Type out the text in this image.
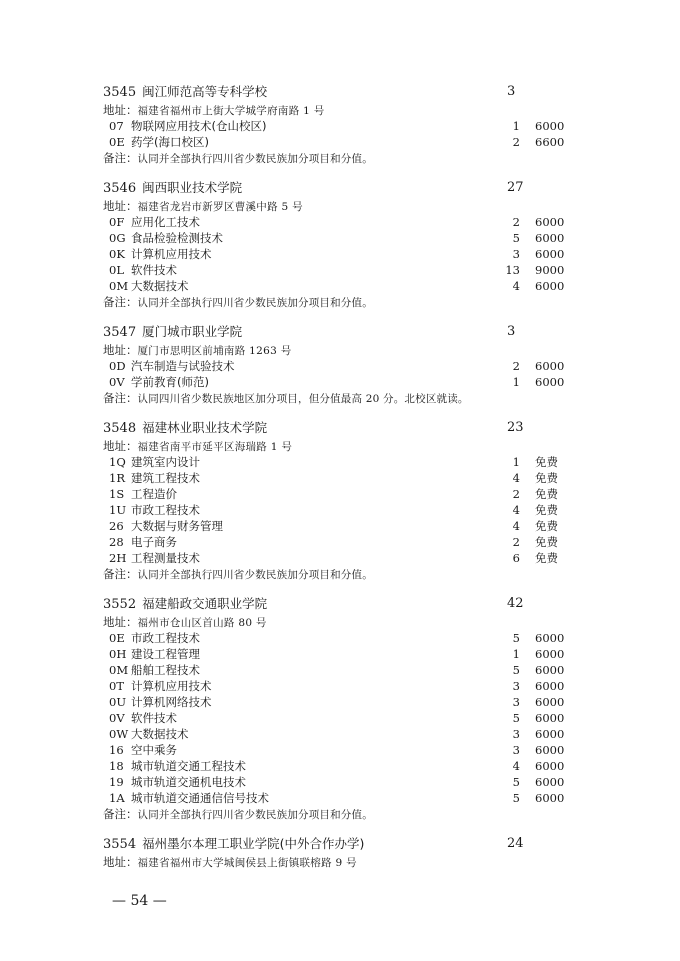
3545 闽江师范高等专科学校	3
地址：福建省福州市上街大学城学府南路 1 号
07 物联网应用技术(仓山校区)	1 6000
0E 药学(海口校区)	2 6600
备注：认同并全部执行四川省少数民族加分项目和分值。
3546 闽西职业技术学院	27
地址：福建省龙岩市新罗区曹溪中路 5 号
0F 应用化工技术	2 6000
0G 食品检验检测技术	5 6000
0K 计算机应用技术	3 6000
0L 软件技术	13 9000
0M 大数据技术	4 6000
备注：认同并全部执行四川省少数民族加分项目和分值。
3547 厦门城市职业学院	3
地址：厦门市思明区前埔南路 1263 号
0D 汽车制造与试验技术	2 6000
0V 学前教育(师范)	1 6000
备注：认同四川省少数民族地区加分项目，但分值最高 20 分。北校区就读。
3548 福建林业职业技术学院	23
地址：福建省南平市延平区海瑞路 1 号
1Q 建筑室内设计	1 免费
1R 建筑工程技术	4 免费
1S 工程造价	2 免费
1U 市政工程技术	4 免费
26 大数据与财务管理	4 免费
28 电子商务	2 免费
2H 工程测量技术	6 免费
备注：认同并全部执行四川省少数民族加分项目和分值。
3552 福建船政交通职业学院	42
地址：福州市仓山区首山路 80 号
0E 市政工程技术	5 6000
0H 建设工程管理	1 6000
0M 船舶工程技术	5 6000
0T 计算机应用技术	3 6000
0U 计算机网络技术	3 6000
0V 软件技术	5 6000
0W 大数据技术	3 6000
16 空中乘务	3 6000
18 城市轨道交通工程技术	4 6000
19 城市轨道交通机电技术	5 6000
1A 城市轨道交通通信信号技术	5 6000
备注：认同并全部执行四川省少数民族加分项目和分值。
3554 福州墨尔本理工职业学院(中外合作办学)	24
地址：福建省福州市大学城闽侯县上街镇联榕路 9 号
— 54 —
